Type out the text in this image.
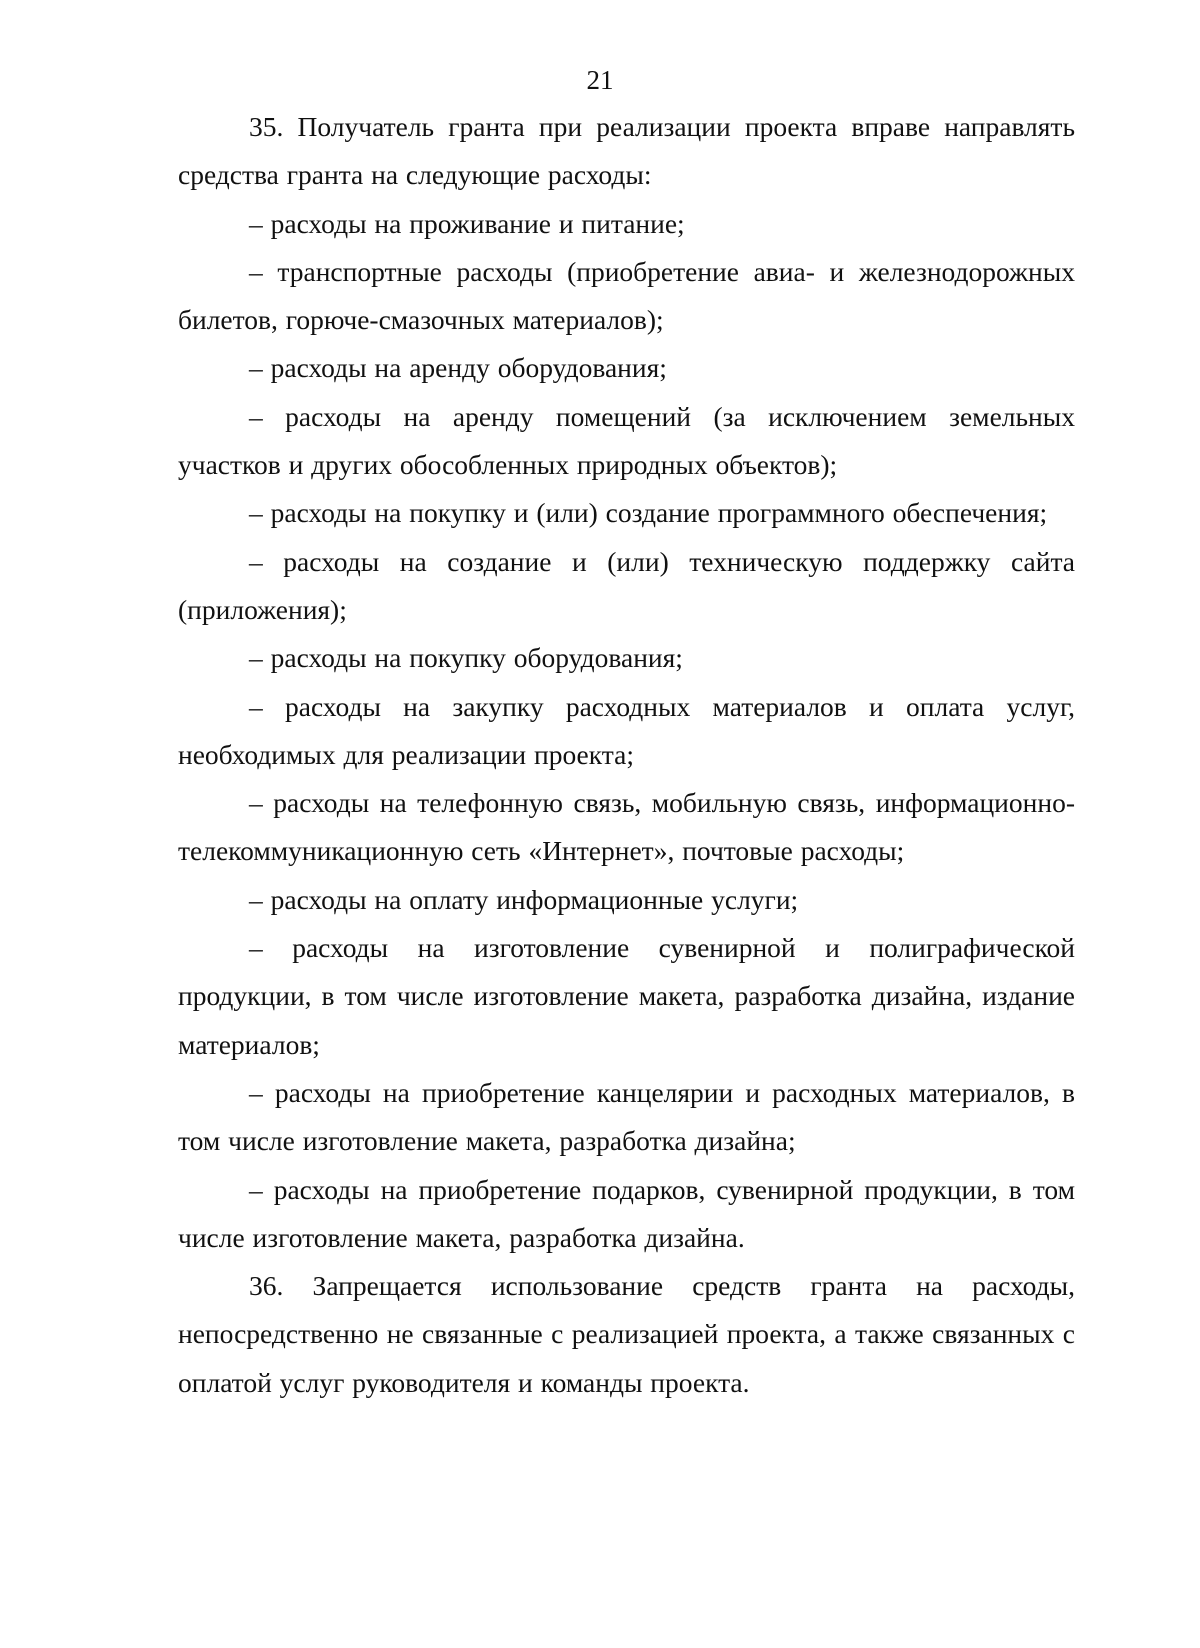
21

35. Получатель гранта при реализации проекта вправе направлять средства гранта на следующие расходы:

– расходы на проживание и питание;

– транспортные расходы (приобретение авиа- и железнодорожных билетов, горюче-смазочных материалов);

– расходы на аренду оборудования;

– расходы на аренду помещений (за исключением земельных участков и других обособленных природных объектов);

– расходы на покупку и (или) создание программного обеспечения;

– расходы на создание и (или) техническую поддержку сайта (приложения);

– расходы на покупку оборудования;

– расходы на закупку расходных материалов и оплата услуг, необходимых для реализации проекта;

– расходы на телефонную связь, мобильную связь, информационно-телекоммуникационную сеть «Интернет», почтовые расходы;

– расходы на оплату информационные услуги;

– расходы на изготовление сувенирной и полиграфической продукции, в том числе изготовление макета, разработка дизайна, издание материалов;

– расходы на приобретение канцелярии и расходных материалов, в том числе изготовление макета, разработка дизайна;

– расходы на приобретение подарков, сувенирной продукции, в том числе изготовление макета, разработка дизайна.

36. Запрещается использование средств гранта на расходы, непосредственно не связанные с реализацией проекта, а также связанных с оплатой услуг руководителя и команды проекта.
